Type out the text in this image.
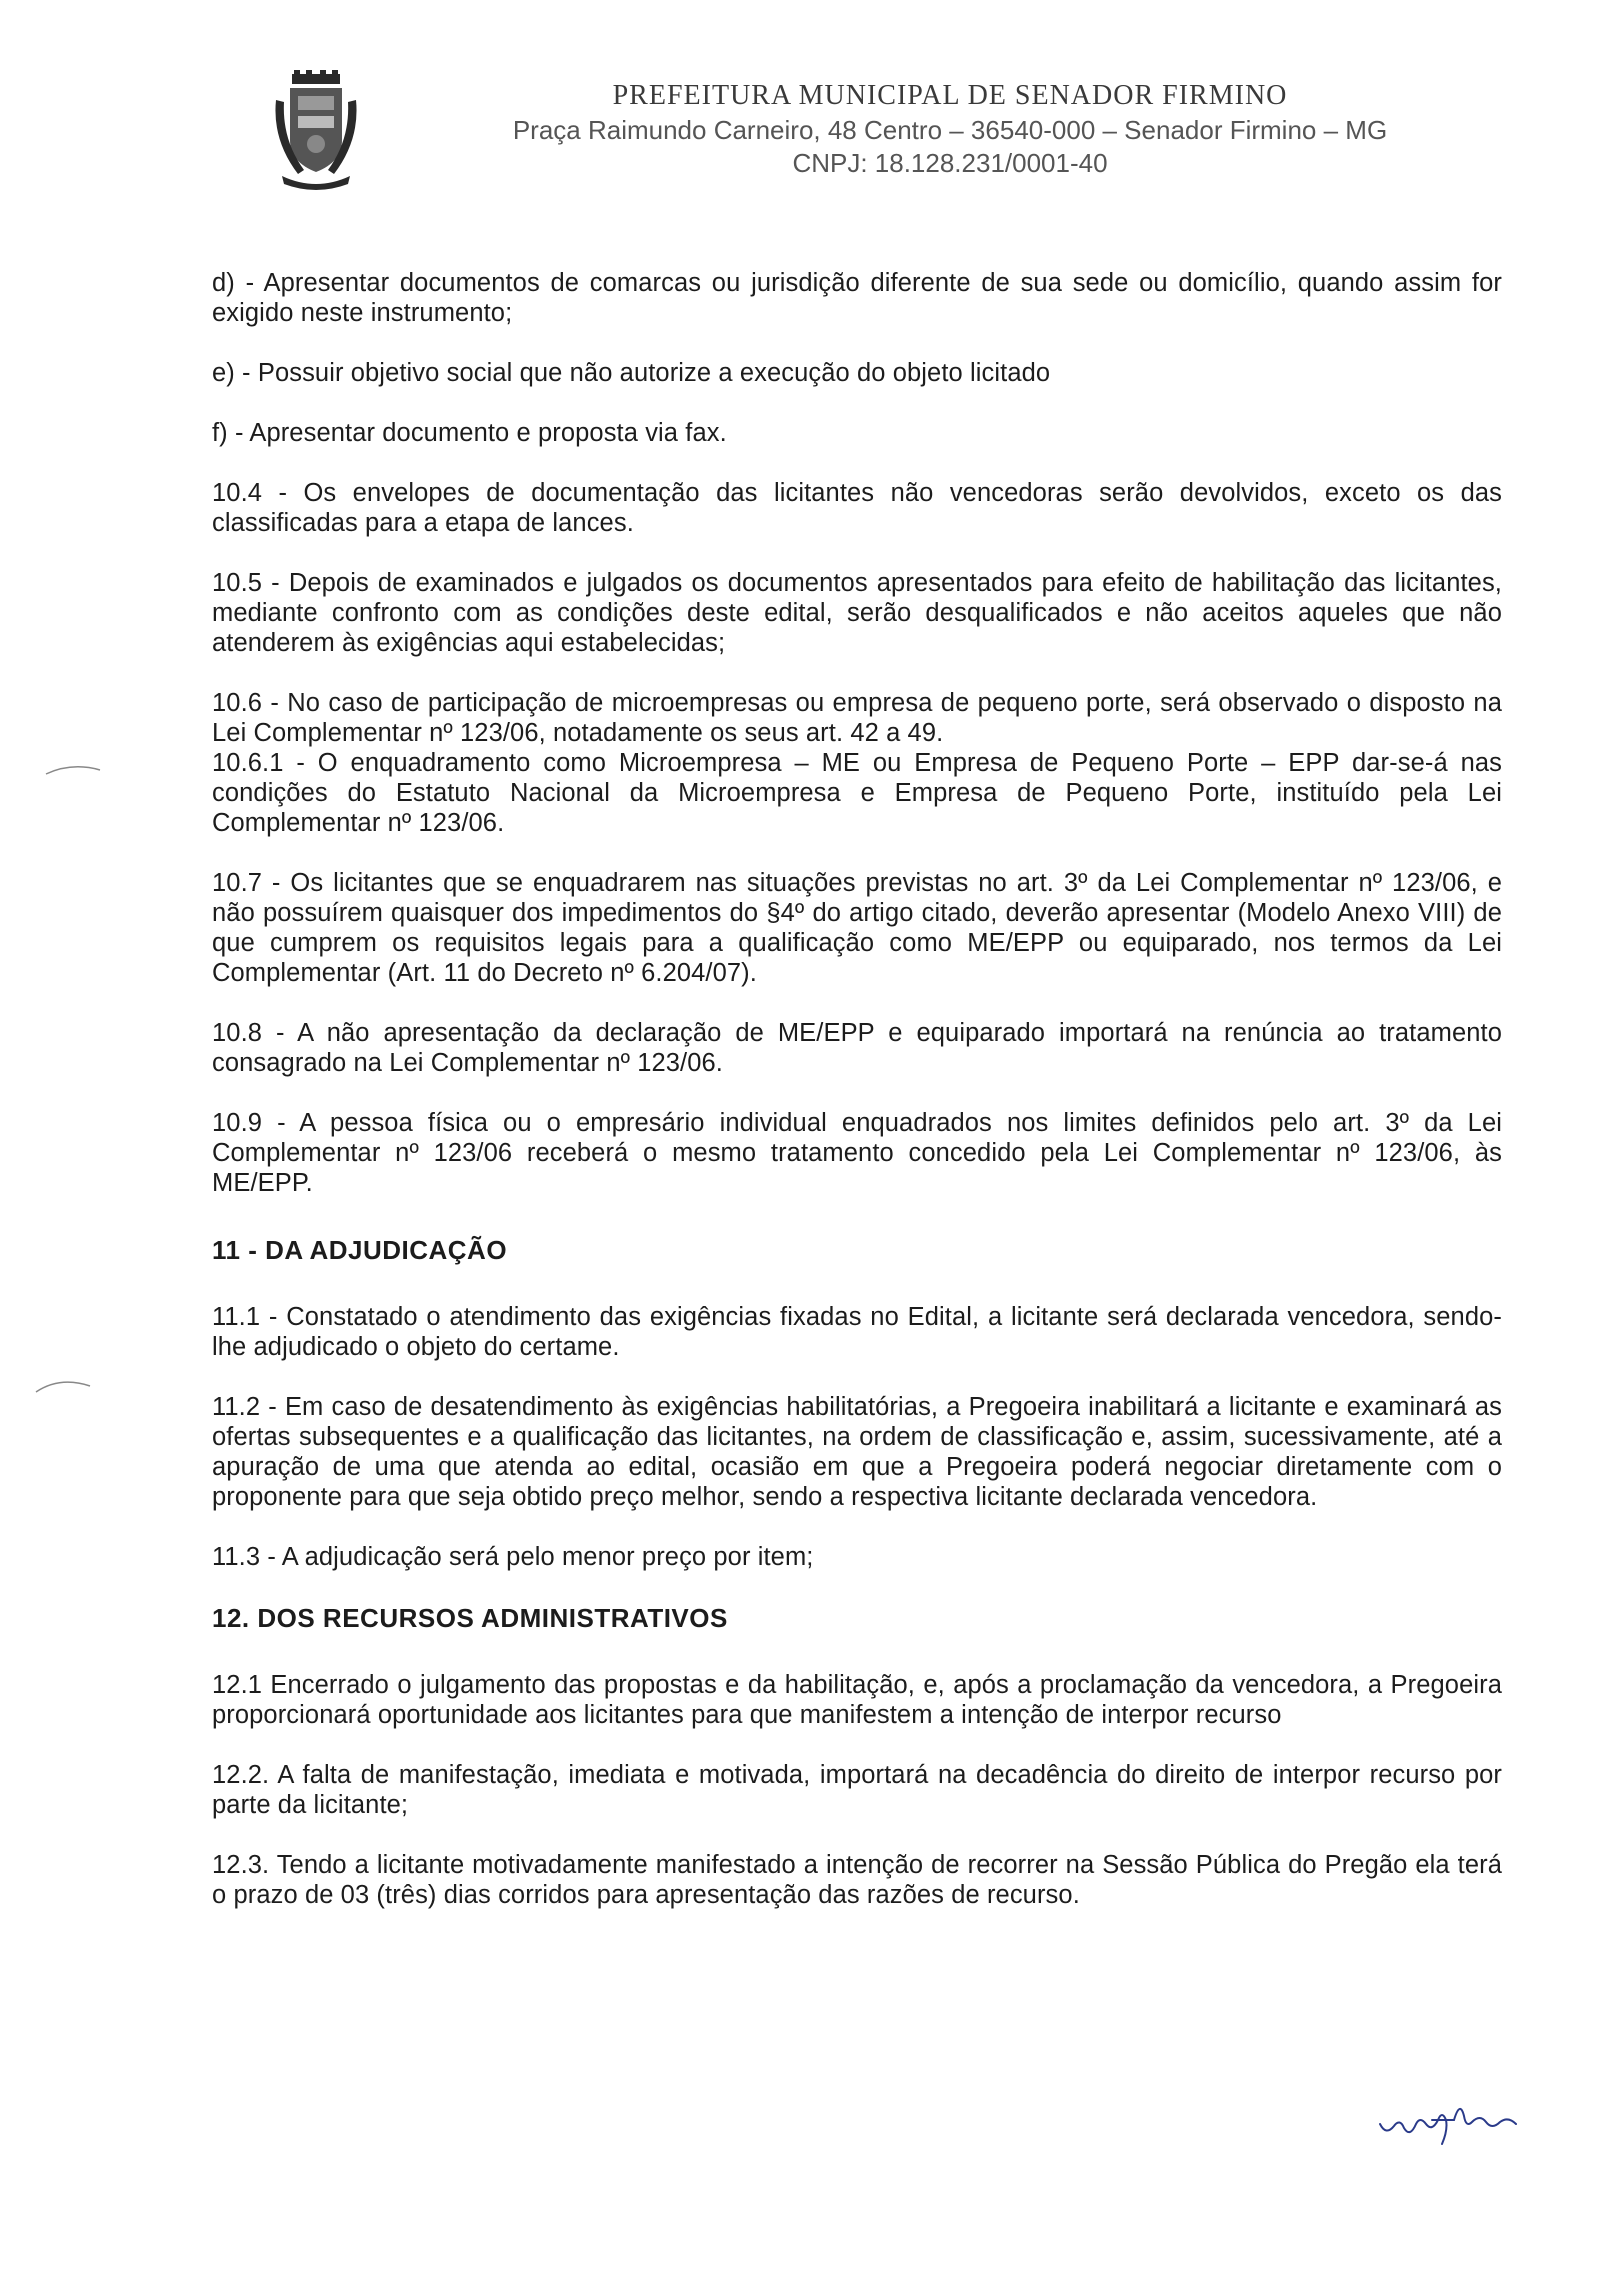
PREFEITURA MUNICIPAL DE SENADOR FIRMINO
Praça Raimundo Carneiro, 48 Centro – 36540-000 – Senador Firmino – MG
CNPJ: 18.128.231/0001-40

d) - Apresentar documentos de comarcas ou jurisdição diferente de sua sede ou domicílio, quando assim for exigido neste instrumento;

e) - Possuir objetivo social que não autorize a execução do objeto licitado

f) - Apresentar documento e proposta via fax.

10.4 - Os envelopes de documentação das licitantes não vencedoras serão devolvidos, exceto os das classificadas para a etapa de lances.

10.5 - Depois de examinados e julgados os documentos apresentados para efeito de habilitação das licitantes, mediante confronto com as condições deste edital, serão desqualificados e não aceitos aqueles que não atenderem às exigências aqui estabelecidas;

10.6 - No caso de participação de microempresas ou empresa de pequeno porte, será observado o disposto na Lei Complementar nº 123/06, notadamente os seus art. 42 a 49.

10.6.1 - O enquadramento como Microempresa – ME ou Empresa de Pequeno Porte – EPP dar-se-á nas condições do Estatuto Nacional da Microempresa e Empresa de Pequeno Porte, instituído pela Lei Complementar nº 123/06.

10.7 - Os licitantes que se enquadrarem nas situações previstas no art. 3º da Lei Complementar nº 123/06, e não possuírem quaisquer dos impedimentos do §4º do artigo citado, deverão apresentar (Modelo Anexo VIII) de que cumprem os requisitos legais para a qualificação como ME/EPP ou equiparado, nos termos da Lei Complementar (Art. 11 do Decreto nº 6.204/07).

10.8 - A não apresentação da declaração de ME/EPP e equiparado importará na renúncia ao tratamento consagrado na Lei Complementar nº 123/06.

10.9 - A pessoa física ou o empresário individual enquadrados nos limites definidos pelo art. 3º da Lei Complementar nº 123/06 receberá o mesmo tratamento concedido pela Lei Complementar nº 123/06, às ME/EPP.

11 - DA ADJUDICAÇÃO

11.1 - Constatado o atendimento das exigências fixadas no Edital, a licitante será declarada vencedora, sendo-lhe adjudicado o objeto do certame.

11.2 - Em caso de desatendimento às exigências habilitatórias, a Pregoeira inabilitará a licitante e examinará as ofertas subsequentes e a qualificação das licitantes, na ordem de classificação e, assim, sucessivamente, até a apuração de uma que atenda ao edital, ocasião em que a Pregoeira poderá negociar diretamente com o proponente para que seja obtido preço melhor, sendo a respectiva licitante declarada vencedora.

11.3 - A adjudicação será pelo menor preço por item;

12. DOS RECURSOS ADMINISTRATIVOS

12.1 Encerrado o julgamento das propostas e da habilitação, e, após a proclamação da vencedora, a Pregoeira proporcionará oportunidade aos licitantes para que manifestem a intenção de interpor recurso

12.2. A falta de manifestação, imediata e motivada, importará na decadência do direito de interpor recurso por parte da licitante;

12.3. Tendo a licitante motivadamente manifestado a intenção de recorrer na Sessão Pública do Pregão ela terá o prazo de 03 (três) dias corridos para apresentação das razões de recurso.
